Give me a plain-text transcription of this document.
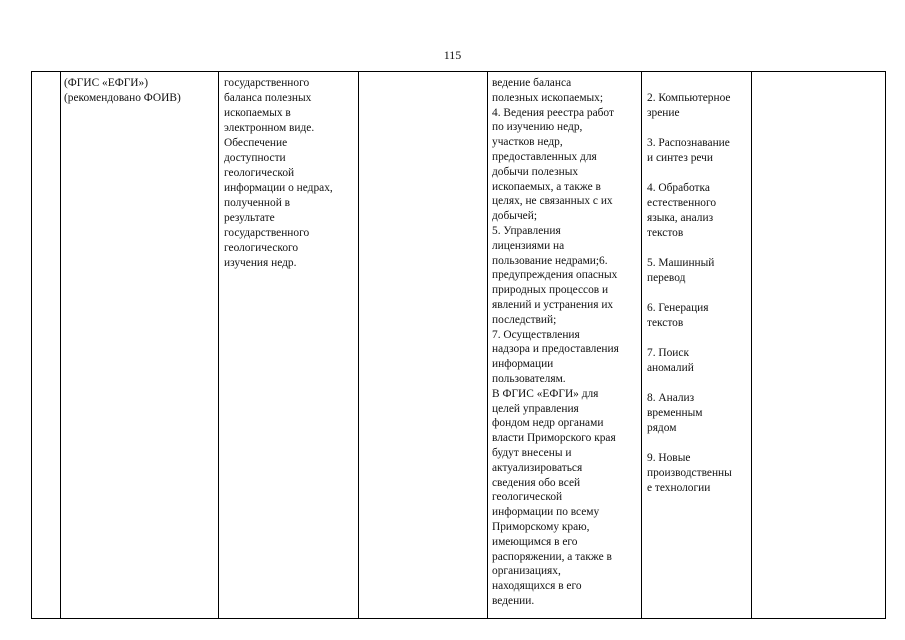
115

(ФГИС «ЕФГИ»)

(рекомендовано ФОИВ)

государственного

баланса полезных

ископаемых в

электронном виде.

Обеспечение

доступности

геологической

информации о недрах,

полученной в

результате

государственного

геологического

изучения недр.

ведение баланса

полезных ископаемых;

4. Ведения реестра работ

по изучению недр,

участков недр,

предоставленных для

добычи полезных

ископаемых, а также в

целях, не связанных с их

добычей;

5. Управления

лицензиями на

пользование недрами;6.

предупреждения опасных

природных процессов и

явлений и устранения их

последствий;

7. Осуществления

надзора и предоставления

информации

пользователям.

В ФГИС «ЕФГИ» для

целей управления

фондом недр органами

власти Приморского края

будут внесены и

актуализироваться

сведения обо всей

геологической

информации по всему

Приморскому краю,

имеющимся в его

распоряжении, а также в

организациях,

находящихся в его

ведении.

2. Компьютерное
зрение

3. Распознавание
и синтез речи

4. Обработка
естественного
языка, анализ
текстов

5. Машинный
перевод

6. Генерация
текстов

7. Поиск
аномалий

8. Анализ
временным
рядом

9. Новые
производственны
е технологии
